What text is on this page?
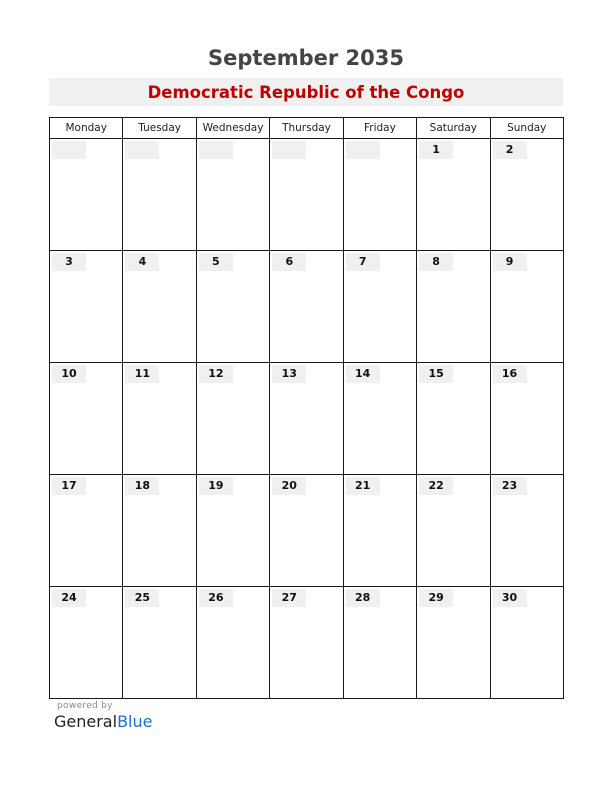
September 2035
Democratic Republic of the Congo
Monday	Tuesday	Wednesday	Thursday	Friday	Saturday	Sunday

					1	2

3	4	5	6	7	8	9

10	11	12	13	14	15	16

17	18	19	20	21	22	23

24	25	26	27	28	29	30
powered by
GeneralBlue
